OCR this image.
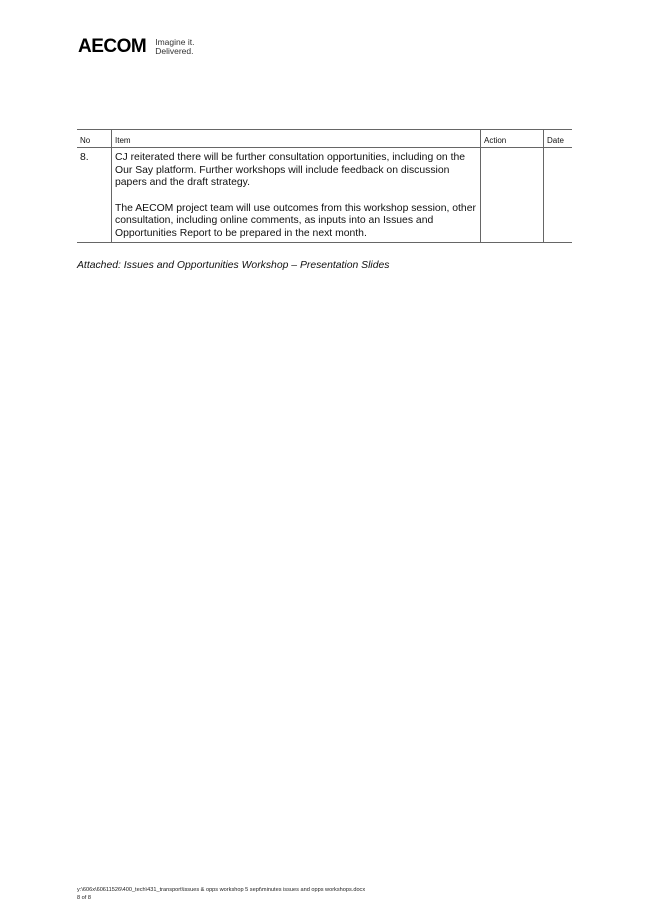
AECOM Imagine it.
Delivered.
No	Item	Action	Date
8.	CJ reiterated there will be further consultation opportunities, including on the Our Say platform. Further workshops will include feedback on discussion papers and the draft strategy.

The AECOM project team will use outcomes from this workshop session, other consultation, including online comments, as inputs into an Issues and Opportunities Report to be prepared in the next month.		

Attached: Issues and Opportunities Workshop – Presentation Slides
y:\606x\60611526\400_tech\431_transport\issues & opps workshop 5 sept\minutes issues and opps workshops.docx
8 of 8
